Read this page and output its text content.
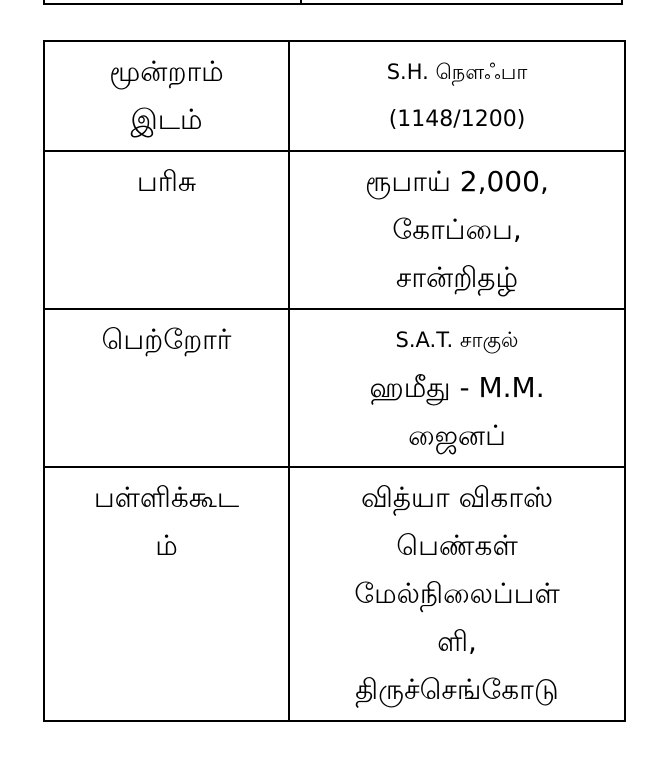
மூன்றாம்
இடம்	S.H. நௌஃபா
(1148/1200)

பரிசு	ரூபாய் 2,000,
கோப்பை,
சான்றிதழ்

பெற்றோர்	S.A.T. சாகுல்
ஹமீது - M.M.
ஜைனப்

பள்ளிக்கூட
ம்	வித்யா விகாஸ்
பெண்கள்
மேல்நிலைப்பள்
ளி,
திருச்செங்கோடு
